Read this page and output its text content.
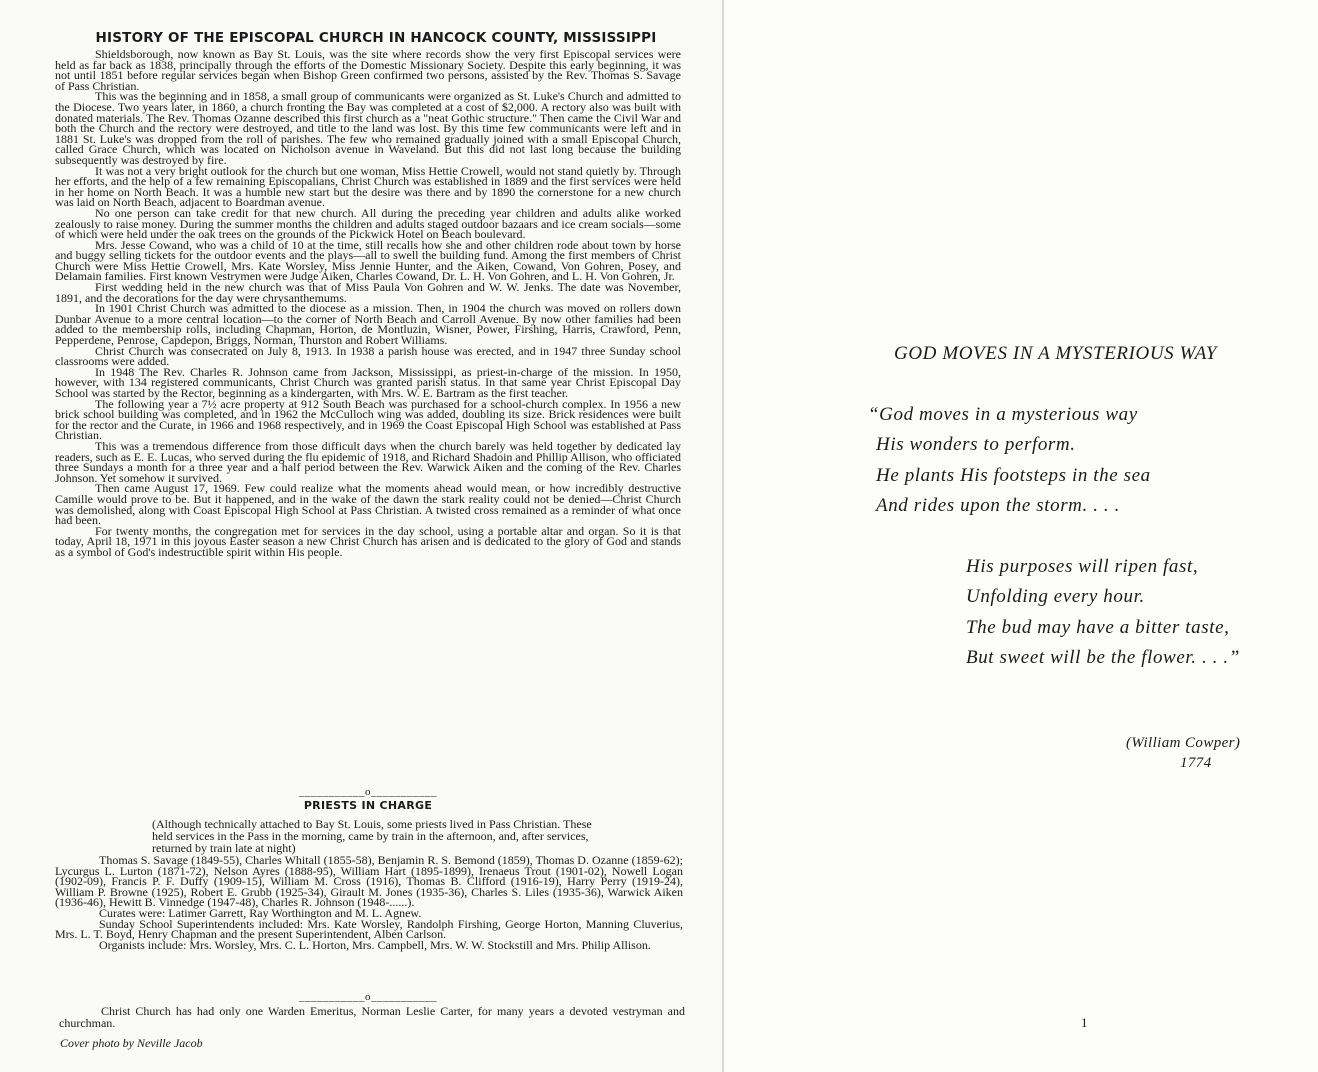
HISTORY OF THE EPISCOPAL CHURCH IN HANCOCK COUNTY, MISSISSIPPI

Shieldsborough, now known as Bay St. Louis, was the site where records show the very first Episcopal services were held as far back as 1838, principally through the efforts of the Domestic Missionary Society. Despite this early beginning, it was not until 1851 before regular services began when Bishop Green confirmed two persons, assisted by the Rev. Thomas S. Savage of Pass Christian.

This was the beginning and in 1858, a small group of communicants were organized as St. Luke's Church and admitted to the Diocese. Two years later, in 1860, a church fronting the Bay was completed at a cost of $2,000. A rectory also was built with donated materials. The Rev. Thomas Ozanne described this first church as a "neat Gothic structure." Then came the Civil War and both the Church and the rectory were destroyed, and title to the land was lost. By this time few communicants were left and in 1881 St. Luke's was dropped from the roll of parishes. The few who remained gradually joined with a small Episcopal Church, called Grace Church, which was located on Nicholson avenue in Waveland. But this did not last long because the building subsequently was destroyed by fire.

It was not a very bright outlook for the church but one woman, Miss Hettie Crowell, would not stand quietly by. Through her efforts, and the help of a few remaining Episcopalians, Christ Church was established in 1889 and the first services were held in her home on North Beach. It was a humble new start but the desire was there and by 1890 the cornerstone for a new church was laid on North Beach, adjacent to Boardman avenue.

No one person can take credit for that new church. All during the preceding year children and adults alike worked zealously to raise money. During the summer months the children and adults staged outdoor bazaars and ice cream socials—some of which were held under the oak trees on the grounds of the Pickwick Hotel on Beach boulevard.

Mrs. Jesse Cowand, who was a child of 10 at the time, still recalls how she and other children rode about town by horse and buggy selling tickets for the outdoor events and the plays—all to swell the building fund. Among the first members of Christ Church were Miss Hettie Crowell, Mrs. Kate Worsley, Miss Jennie Hunter, and the Aiken, Cowand, Von Gohren, Posey, and Delamain families. First known Vestrymen were Judge Aiken, Charles Cowand, Dr. L. H. Von Gohren, and L. H. Von Gohren, Jr.

First wedding held in the new church was that of Miss Paula Von Gohren and W. W. Jenks. The date was November, 1891, and the decorations for the day were chrysanthemums.

In 1901 Christ Church was admitted to the diocese as a mission. Then, in 1904 the church was moved on rollers down Dunbar Avenue to a more central location—to the corner of North Beach and Carroll Avenue. By now other families had been added to the membership rolls, including Chapman, Horton, de Montluzin, Wisner, Power, Firshing, Harris, Crawford, Penn, Pepperdene, Penrose, Capdepon, Briggs, Norman, Thurston and Robert Williams.

Christ Church was consecrated on July 8, 1913. In 1938 a parish house was erected, and in 1947 three Sunday school classrooms were added.

In 1948 The Rev. Charles R. Johnson came from Jackson, Mississippi, as priest-in-charge of the mission. In 1950, however, with 134 registered communicants, Christ Church was granted parish status. In that same year Christ Episcopal Day School was started by the Rector, beginning as a kindergarten, with Mrs. W. E. Bartram as the first teacher.

The following year a 7½ acre property at 912 South Beach was purchased for a school-church complex. In 1956 a new brick school building was completed, and in 1962 the McCulloch wing was added, doubling its size. Brick residences were built for the rector and the Curate, in 1966 and 1968 respectively, and in 1969 the Coast Episcopal High School was established at Pass Christian.

This was a tremendous difference from those difficult days when the church barely was held together by dedicated lay readers, such as E. E. Lucas, who served during the flu epidemic of 1918, and Richard Shadoin and Phillip Allison, who officiated three Sundays a month for a three year and a half period between the Rev. Warwick Aiken and the coming of the Rev. Charles Johnson. Yet somehow it survived.

Then came August 17, 1969. Few could realize what the moments ahead would mean, or how incredibly destructive Camille would prove to be. But it happened, and in the wake of the dawn the stark reality could not be denied—Christ Church was demolished, along with Coast Episcopal High School at Pass Christian. A twisted cross remained as a reminder of what once had been.

For twenty months, the congregation met for services in the day school, using a portable altar and organ. So it is that today, April 18, 1971 in this joyous Easter season a new Christ Church has arisen and is dedicated to the glory of God and stands as a symbol of God's indestructible spirit within His people.

___________o___________
PRIESTS IN CHARGE
(Although technically attached to Bay St. Louis, some priests lived in Pass Christian. These held services in the Pass in the morning, came by train in the afternoon, and, after services, returned by train late at night)

Thomas S. Savage (1849-55), Charles Whitall (1855-58), Benjamin R. S. Bemond (1859), Thomas D. Ozanne (1859-62); Lycurgus L. Lurton (1871-72), Nelson Ayres (1888-95), William Hart (1895-1899), Irenaeus Trout (1901-02), Nowell Logan (1902-09), Francis P. F. Duffy (1909-15), William M. Cross (1916), Thomas B. Clifford (1916-19), Harry Perry (1919-24), William P. Browne (1925), Robert E. Grubb (1925-34), Girault M. Jones (1935-36), Charles S. Liles (1935-36), Warwick Aiken (1936-46), Hewitt B. Vinnedge (1947-48), Charles R. Johnson (1948-......).

Curates were: Latimer Garrett, Ray Worthington and M. L. Agnew.

Sunday School Superintendents included: Mrs. Kate Worsley, Randolph Firshing, George Horton, Manning Cluverius, Mrs. L. T. Boyd, Henry Chapman and the present Superintendent, Alben Carlson.

Organists include: Mrs. Worsley, Mrs. C. L. Horton, Mrs. Campbell, Mrs. W. W. Stockstill and Mrs. Philip Allison.

___________o___________
Christ Church has had only one Warden Emeritus, Norman Leslie Carter, for many years a devoted vestryman and churchman.
Cover photo by Neville Jacob
GOD MOVES IN A MYSTERIOUS WAY
“God moves in a mysterious way
His wonders to perform.
He plants His footsteps in the sea
And rides upon the storm. . . .
His purposes will ripen fast,
Unfolding every hour.
The bud may have a bitter taste,
But sweet will be the flower. . . .”
(William Cowper)
1774
1
